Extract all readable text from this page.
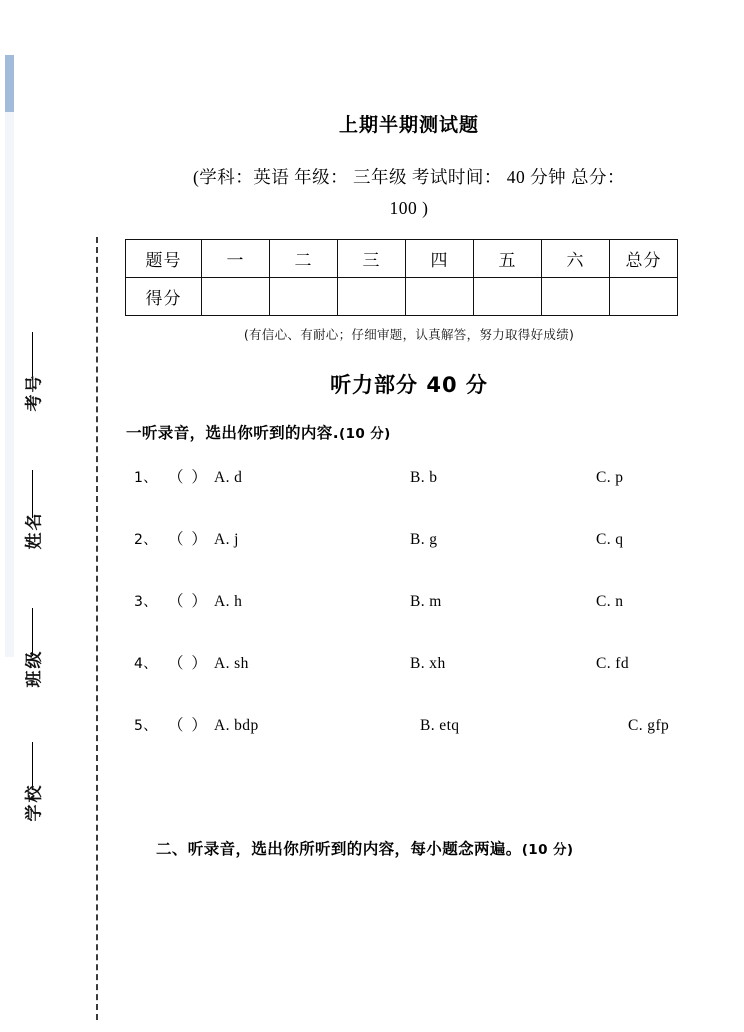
考号
姓名
班级
学校
上期半期测试题
(学科：英语 年级： 三年级 考试时间： 40 分钟 总分：
100 )
题号	一	二	三	四	五	六	总分
得分							
(有信心、有耐心；仔细审题，认真解答，努力取得好成绩)
听力部分 40 分
一听录音，选出你听到的内容.(10 分)
1、 （ ） A. d	B. b	C. p
2、 （ ） A. j	B. g	C. q
3、 （ ） A. h	B. m	C. n
4、 （ ） A. sh	B. xh	C. fd
5、 （ ） A. bdp	B. etq	C. gfp
二、听录音，选出你所听到的内容，每小题念两遍。(10 分)
